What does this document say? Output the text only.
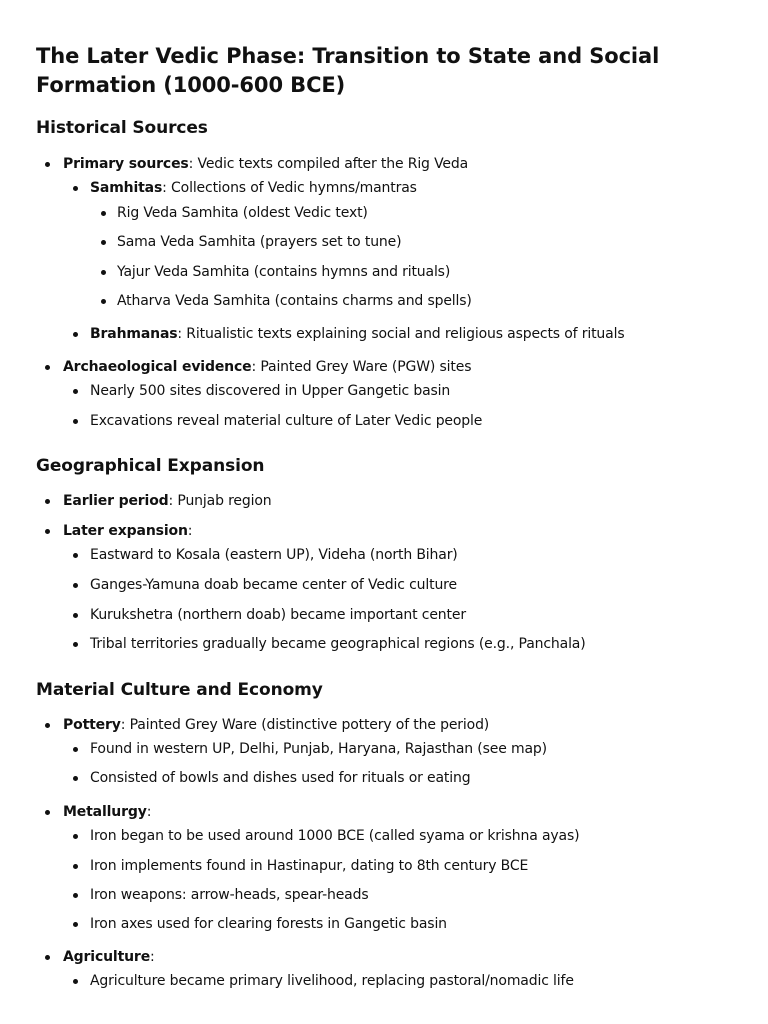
The Later Vedic Phase: Transition to State and Social Formation (1000-600 BCE)
Historical Sources
Primary sources: Vedic texts compiled after the Rig Veda
Samhitas: Collections of Vedic hymns/mantras
Rig Veda Samhita (oldest Vedic text)
Sama Veda Samhita (prayers set to tune)
Yajur Veda Samhita (contains hymns and rituals)
Atharva Veda Samhita (contains charms and spells)
Brahmanas: Ritualistic texts explaining social and religious aspects of rituals
Archaeological evidence: Painted Grey Ware (PGW) sites
Nearly 500 sites discovered in Upper Gangetic basin
Excavations reveal material culture of Later Vedic people
Geographical Expansion
Earlier period: Punjab region
Later expansion:
Eastward to Kosala (eastern UP), Videha (north Bihar)
Ganges-Yamuna doab became center of Vedic culture
Kurukshetra (northern doab) became important center
Tribal territories gradually became geographical regions (e.g., Panchala)
Material Culture and Economy
Pottery: Painted Grey Ware (distinctive pottery of the period)
Found in western UP, Delhi, Punjab, Haryana, Rajasthan (see map)
Consisted of bowls and dishes used for rituals or eating
Metallurgy:
Iron began to be used around 1000 BCE (called syama or krishna ayas)
Iron implements found in Hastinapur, dating to 8th century BCE
Iron weapons: arrow-heads, spear-heads
Iron axes used for clearing forests in Gangetic basin
Agriculture:
Agriculture became primary livelihood, replacing pastoral/nomadic life
